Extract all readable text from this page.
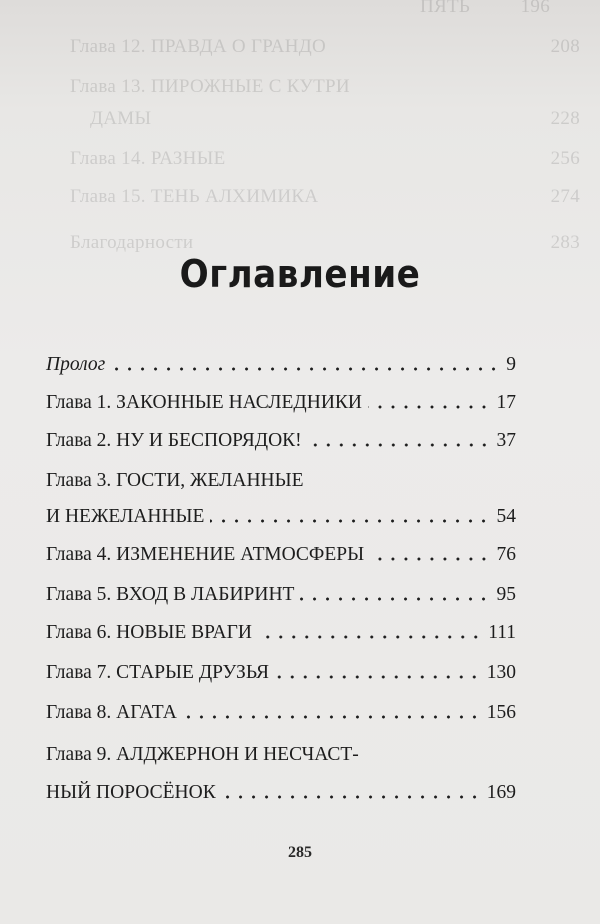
ПЯТЬ	196
Глава 12. ПРАВДА О ГРАНДО	208
Глава 13. ПИРОЖНЫЕ С КУТРИ
ДАМЫ	228
Глава 14. РАЗНЫЕ	256
Глава 15. ТЕНЬ АЛХИМИКА	274
Благодарности	283
Оглавление
Пролог	9
Глава 1. ЗАКОННЫЕ НАСЛЕДНИКИ	17
Глава 2. НУ И БЕСПОРЯДОК!	37
Глава 3. ГОСТИ, ЖЕЛАННЫЕ
И НЕЖЕЛАННЫЕ	54
Глава 4. ИЗМЕНЕНИЕ АТМОСФЕРЫ	76
Глава 5. ВХОД В ЛАБИРИНТ	95
Глава 6. НОВЫЕ ВРАГИ	111
Глава 7. СТАРЫЕ ДРУЗЬЯ	130
Глава 8. АГАТА	156
Глава 9. АЛДЖЕРНОН И НЕСЧАСТ-
НЫЙ ПОРОСЁНОК	169
285
